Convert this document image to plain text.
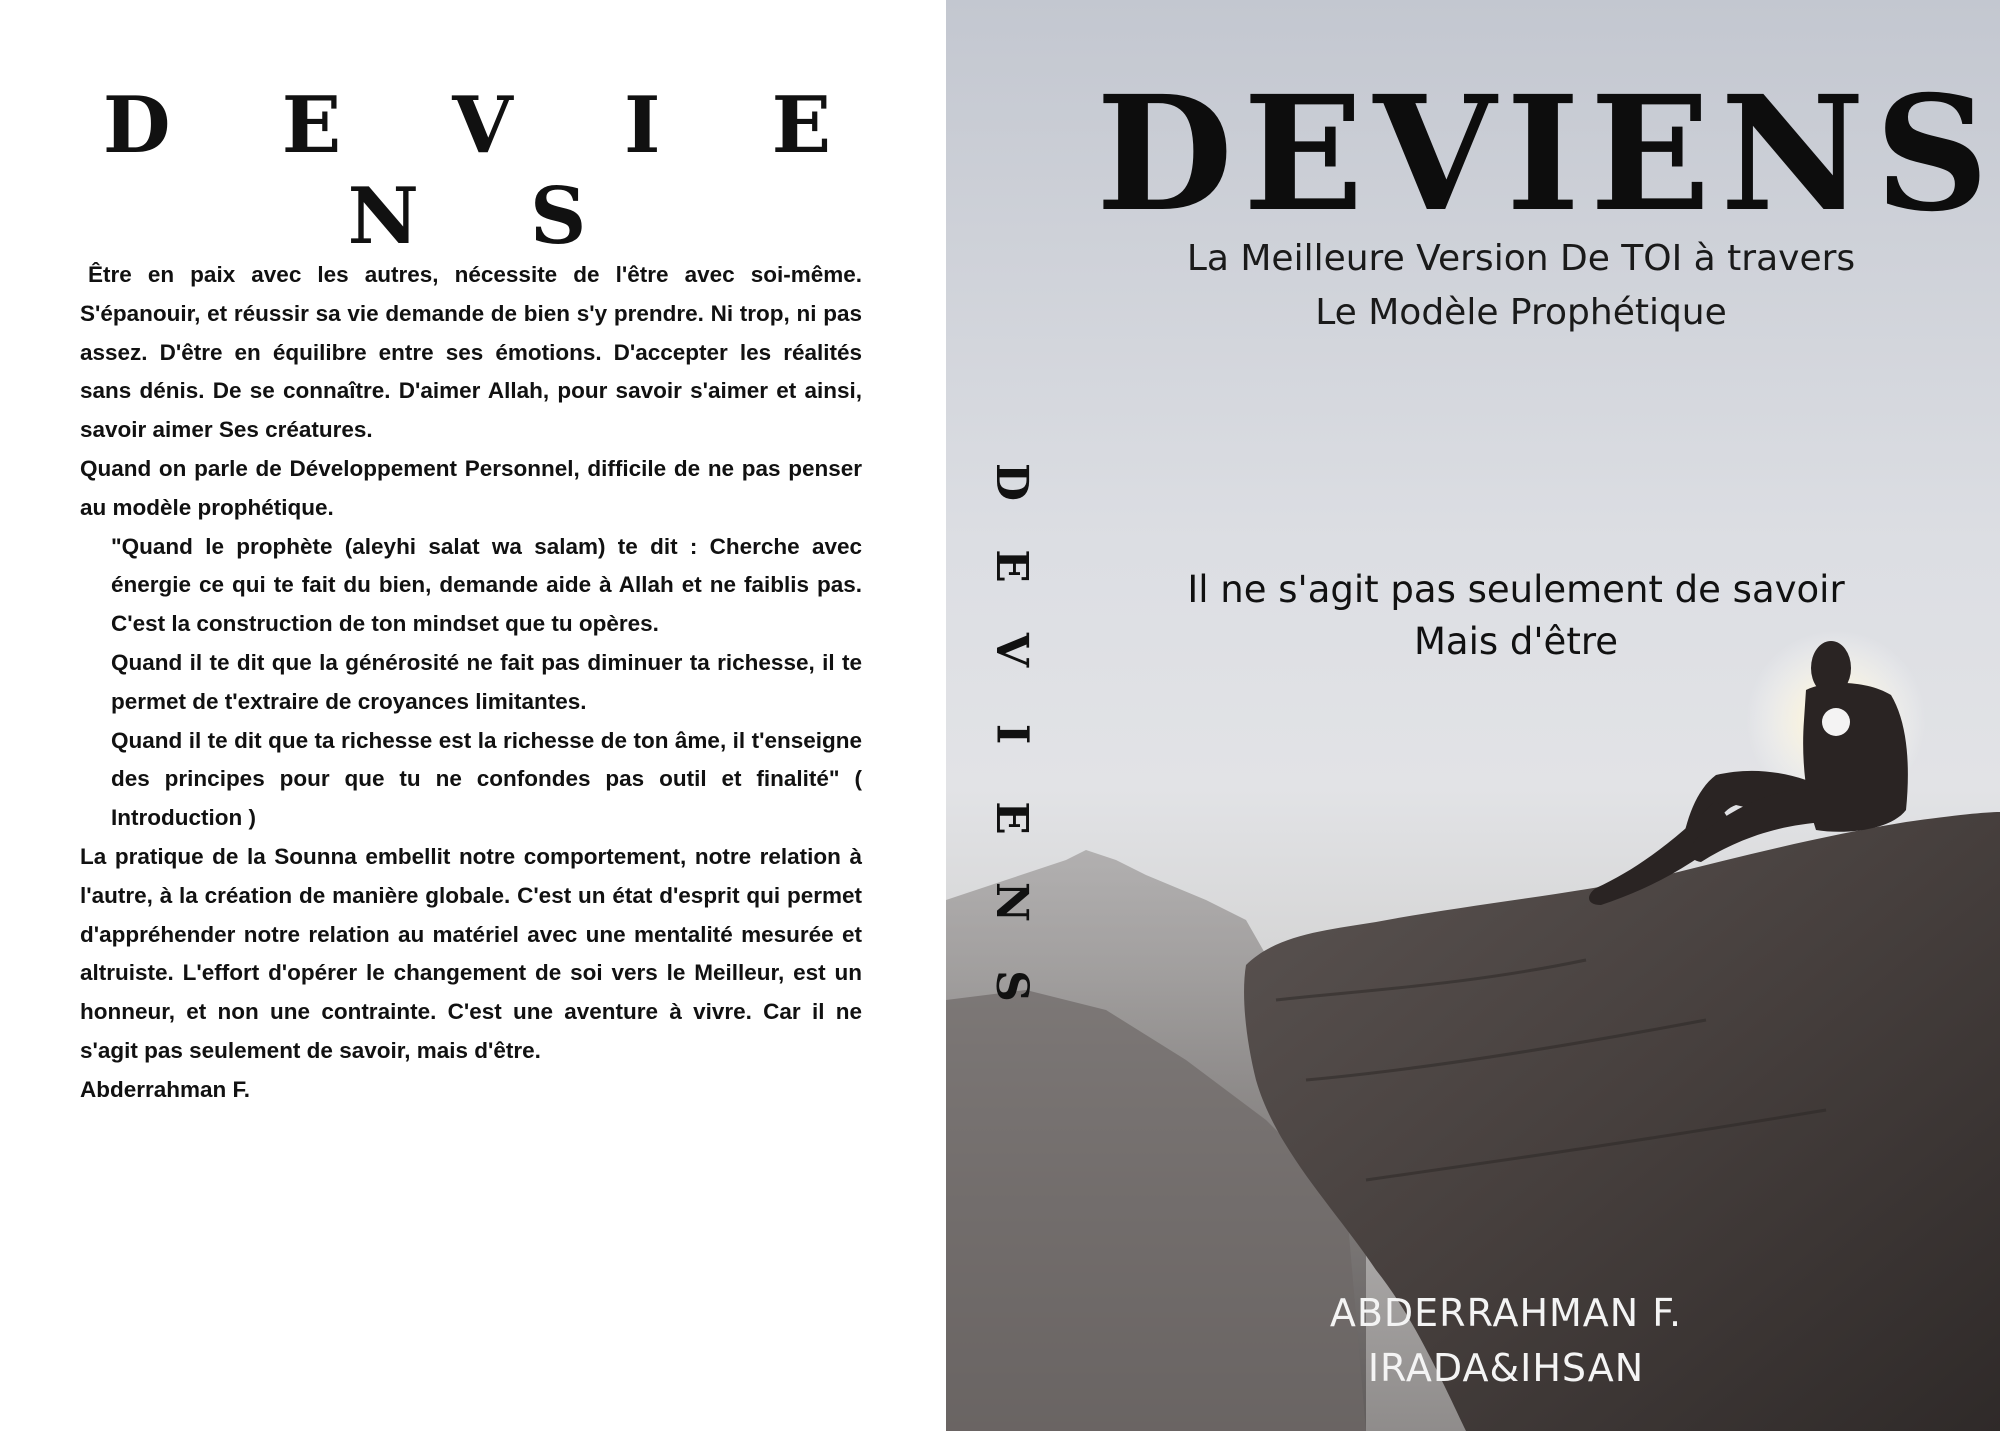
D E V I E N S

Être en paix avec les autres, nécessite de l'être avec soi-même. S'épanouir, et réussir sa vie demande de bien s'y prendre. Ni trop, ni pas assez. D'être en équilibre entre ses émotions. D'accepter les réalités sans dénis. De se connaître. D'aimer Allah, pour savoir s'aimer et ainsi, savoir aimer Ses créatures.

Quand on parle de Développement Personnel, difficile de ne pas penser au modèle prophétique.

"Quand le prophète (aleyhi salat wa salam) te dit : Cherche avec énergie ce qui te fait du bien, demande aide à Allah et ne faiblis pas. C'est la construction de ton mindset que tu opères.

Quand il te dit que la générosité ne fait pas diminuer ta richesse, il te permet de t'extraire de croyances limitantes.

Quand il te dit que ta richesse est la richesse de ton âme, il t'enseigne des principes pour que tu ne confondes pas outil et finalité" ( Introduction )

La pratique de la Sounna embellit notre comportement, notre relation à l'autre, à la création de manière globale. C'est un état d'esprit qui permet d'appréhender notre relation au matériel avec une mentalité mesurée et altruiste. L'effort d'opérer le changement de soi vers le Meilleur, est un honneur, et non une contrainte. C'est une aventure à vivre. Car il ne s'agit pas seulement de savoir, mais d'être.

Abderrahman F.

DEVIENS
La Meilleure Version De TOI à travers
Le Modèle Prophétique
Il ne s'agit pas seulement de savoir
Mais d'être
D
E
V
I
E
N
S
ABDERRAHMAN F.
IRADA&IHSAN
